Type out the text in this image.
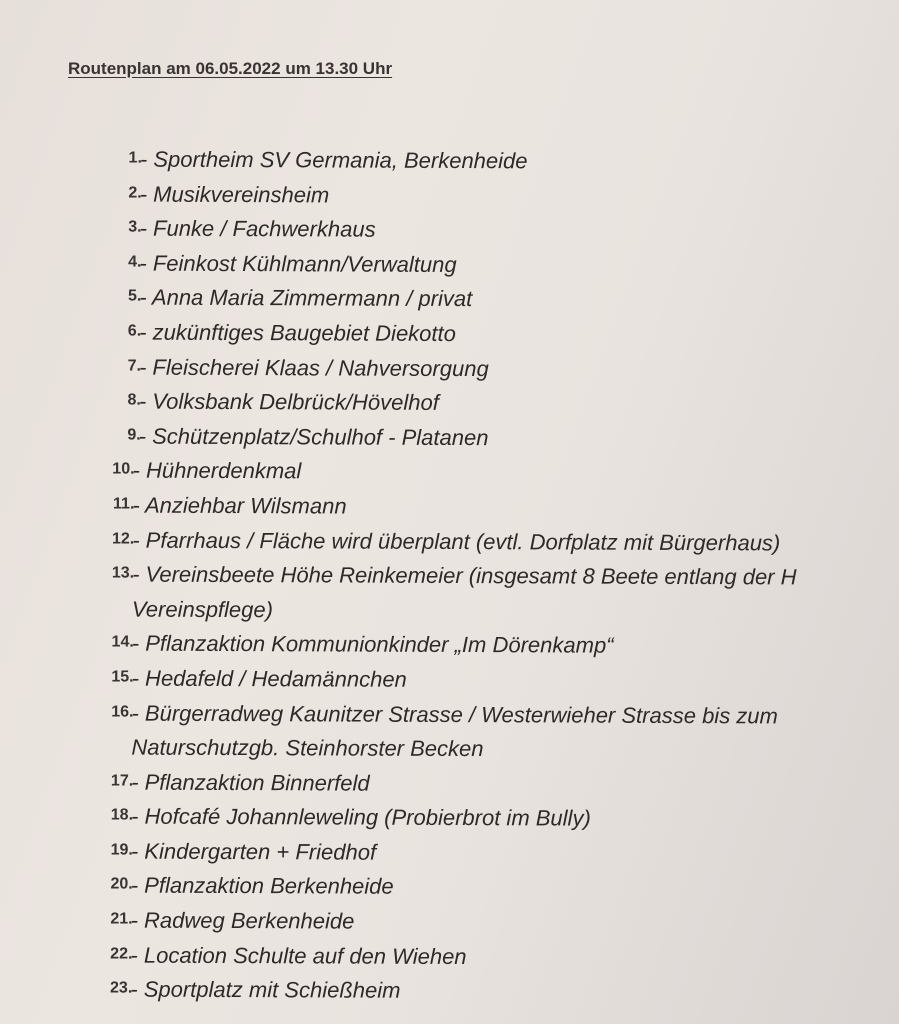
Routenplan am 06.05.2022 um 13.30 Uhr
1.
- Sportheim SV Germania, Berkenheide
2.
- Musikvereinsheim
3.
- Funke / Fachwerkhaus
4.
- Feinkost Kühlmann/Verwaltung
5.
- Anna Maria Zimmermann / privat
6.
- zukünftiges Baugebiet Diekotto
7.
- Fleischerei Klaas / Nahversorgung
8.
- Volksbank Delbrück/Hövelhof
9.
- Schützenplatz/Schulhof - Platanen
10.
- Hühnerdenkmal
11.
- Anziehbar Wilsmann
12.
- Pfarrhaus / Fläche wird überplant (evtl. Dorfplatz mit Bürgerhaus)
13.
- Vereinsbeete Höhe Reinkemeier (insgesamt 8 Beete entlang der H
Vereinspflege)
14.
- Pflanzaktion Kommunionkinder „Im Dörenkamp“
15.
- Hedafeld / Hedamännchen
16.
- Bürgerradweg Kaunitzer Strasse / Westerwieher Strasse bis zum
Naturschutzgb. Steinhorster Becken
17.
- Pflanzaktion Binnerfeld
18.
- Hofcafé Johannleweling (Probierbrot im Bully)
19.
- Kindergarten + Friedhof
20.
- Pflanzaktion Berkenheide
21.
- Radweg Berkenheide
22.
- Location Schulte auf den Wiehen
23.
- Sportplatz mit Schießheim
